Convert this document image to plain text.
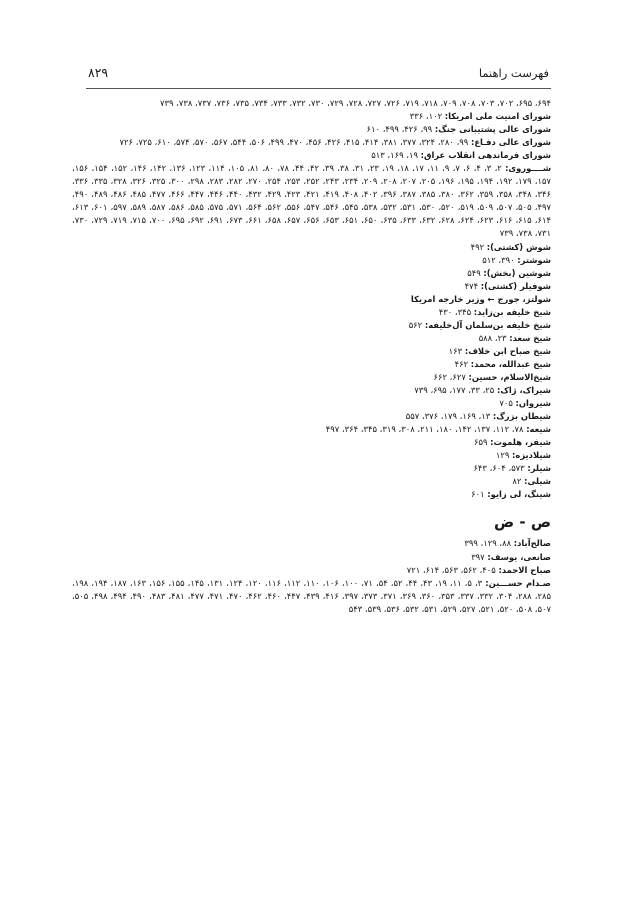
فهرست راهنما
۸۲۹
۶۹۴، ۶۹۵، ۷۰۲، ۷۰۳، ۷۰۸، ۷۰۹، ۷۱۸، ۷۱۹، ۷۲۶، ۷۲۷، ۷۲۸، ۷۲۹، ۷۳۰، ۷۳۲، ۷۳۳، ۷۳۴، ۷۳۵، ۷۳۶، ۷۳۷، ۷۳۸، ۷۳۹
شورای امنیت ملی امریکا: ۱۰۲، ۳۳۶
شورای عالی پشتیبانی جنگ: ۹۹، ۴۲۶، ۴۹۹، ۶۱۰
شورای عالی دفـاع: ۹۹، ۲۸۰، ۳۲۴، ۳۷۷، ۳۸۱، ۴۱۴، ۴۱۵، ۴۲۶، ۴۵۶، ۴۷۰، ۴۹۹، ۵۰۶، ۵۴۴، ۵۶۷، ۵۷۰، ۵۷۴، ۶۱۰، ۷۲۵، ۷۲۶
شورای فرماندهی انقلاب عراق: ۱۹، ۱۶۹، ۵۱۳
شــــوروی: ۲، ۳، ۴، ۶، ۷، ۹، ۱۱، ۱۷، ۱۸، ۱۹، ۲۳، ۳۱، ۳۸، ۳۹، ۴۲، ۴۴، ۷۸، ۸۰، ۸۱، ۱۰۵، ۱۱۴، ۱۲۳، ۱۳۶، ۱۴۲، ۱۴۶، ۱۵۲، ۱۵۴، ۱۵۶، ۱۵۷، ۱۷۹، ۱۹۲، ۱۹۴، ۱۹۵، ۱۹۶، ۲۰۵، ۲۰۷، ۲۰۸، ۲۰۹، ۲۳۴، ۲۴۳، ۲۵۲، ۲۵۳، ۲۵۴، ۲۷۰، ۲۸۲، ۲۸۳، ۲۹۸، ۳۰۰، ۳۲۵، ۳۲۶، ۳۲۸، ۳۳۵، ۳۳۶، ۳۴۶، ۳۴۸، ۳۵۸، ۳۵۹، ۳۶۲، ۳۸۰، ۳۸۵، ۳۸۷، ۳۹۶، ۴۰۲، ۴۰۸، ۴۱۹، ۴۲۱، ۴۲۳، ۴۲۹، ۴۳۲، ۴۴۰، ۴۴۶، ۴۴۷، ۴۶۶، ۴۷۷، ۴۸۵، ۴۸۶، ۴۸۹، ۴۹۰، ۴۹۷، ۵۰۵، ۵۰۷، ۵۰۹، ۵۱۹، ۵۲۰، ۵۳۰، ۵۳۱، ۵۳۲، ۵۳۸، ۵۴۵، ۵۴۶، ۵۴۷، ۵۵۶، ۵۶۲، ۵۶۴، ۵۷۱، ۵۷۵، ۵۸۵، ۵۸۶، ۵۸۷، ۵۸۹، ۵۹۷، ۶۰۱، ۶۱۳، ۶۱۴، ۶۱۵، ۶۱۶، ۶۲۳، ۶۲۴، ۶۲۸، ۶۳۲، ۶۳۳، ۶۳۵، ۶۵۰، ۶۵۱، ۶۵۳، ۶۵۶، ۶۵۷، ۶۵۸، ۶۶۱، ۶۷۳، ۶۹۱، ۶۹۲، ۶۹۵، ۷۰۰، ۷۱۵، ۷۱۹، ۷۲۹، ۷۳۰، ۷۳۱، ۷۳۸، ۷۳۹
شوش (کشتی): ۴۹۲
شوشتر: ۳۹۰، ۵۱۲
شوشین (بخش): ۵۴۹
شوفیلر (کشتی): ۴۷۴
شولتز، جورج ← وزیر خارجه امریکا
شیخ خلیفه بن‌زاید: ۳۴۵، ۴۳۰
شیخ خلیفه بن‌سلمان آل‌خلیفه: ۵۶۲
شیخ سعد: ۲۳، ۵۸۸
شیخ صباح ابن خلاف: ۱۶۳
شیخ عبدالله، محمد: ۴۶۲
شیخ‌الاسلام، حسین: ۶۲۷، ۶۶۲
شیراک، ژاک: ۲۵، ۳۳، ۱۷۷، ۶۹۵، ۷۳۹
شیروان: ۷۰۵
شیطان بزرگ: ۱۳، ۱۶۹، ۱۷۹، ۳۷۶، ۵۵۷
شیعه: ۷۸، ۱۱۲، ۱۳۷، ۱۴۲، ۱۸۰، ۲۱۱، ۳۰۸، ۳۱۹، ۳۴۵، ۳۶۴، ۴۹۷
شیفر، هلموت: ۶۵۹
شیلادیزه: ۱۲۹
شیلر: ۵۷۳، ۶۰۴، ۶۴۳
شیلی: ۸۲
شینگ، لی زایو: ۶۰۱
ص - ض
صالح‌آباد: ۸۸، ۱۲۹، ۳۹۹
صانعی، یوسف: ۳۹۷
صباح الاحمد: ۴۰۵، ۵۶۲، ۵۶۳، ۶۱۴، ۷۲۱
صـدام حســـین: ۳، ۵، ۱۱، ۱۹، ۴۳، ۴۴، ۵۲، ۵۴، ۷۱، ۱۰۰، ۱۰۶، ۱۱۰، ۱۱۲، ۱۱۶، ۱۲۰، ۱۲۴، ۱۳۱، ۱۴۵، ۱۵۵، ۱۵۶، ۱۶۳، ۱۸۷، ۱۹۴، ۱۹۸، ۲۸۵، ۲۸۸، ۳۰۴، ۳۳۲، ۳۳۷، ۳۵۳، ۳۶۰، ۳۶۹، ۳۷۱، ۳۷۳، ۳۹۷، ۴۱۶، ۴۳۹، ۴۴۷، ۴۶۰، ۴۶۲، ۴۷۰، ۴۷۱، ۴۷۷، ۴۸۱، ۴۸۳، ۴۹۰، ۴۹۴، ۴۹۸، ۵۰۵، ۵۰۷، ۵۰۸، ۵۲۰، ۵۲۱، ۵۲۷، ۵۲۹، ۵۳۱، ۵۳۲، ۵۳۶، ۵۳۹، ۵۴۳
